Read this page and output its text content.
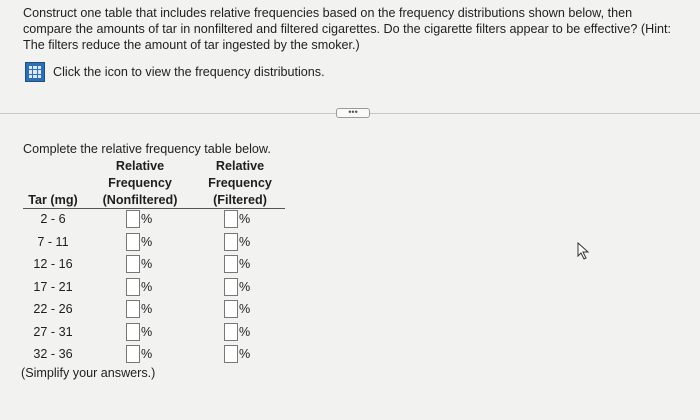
Construct one table that includes relative frequencies based on the frequency distributions shown below, then
compare the amounts of tar in nonfiltered and filtered cigarettes. Do the cigarette filters appear to be effective? (Hint:
The filters reduce the amount of tar ingested by the smoker.)
Click the icon to view the frequency distributions.
•••
Complete the relative frequency table below.
Tar (mg)
Relative
Frequency
(Nonfiltered)
Relative
Frequency
(Filtered)
2 - 6	%	%
7 - 11	%	%
12 - 16	%	%
17 - 21	%	%
22 - 26	%	%
27 - 31	%	%
32 - 36	%	%
(Simplify your answers.)
